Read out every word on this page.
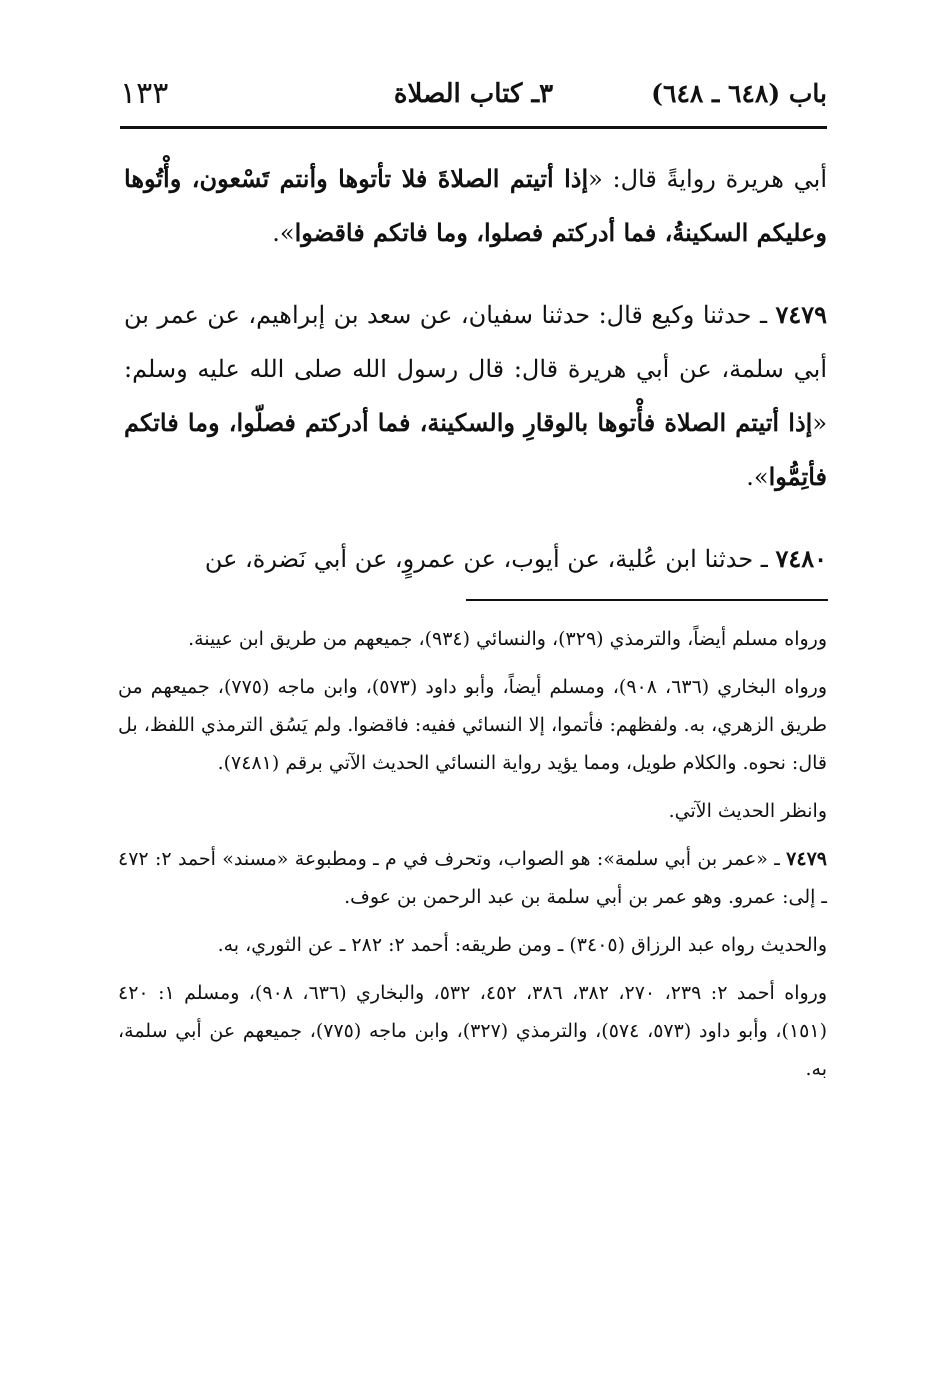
باب (٦٤٨ ـ ٦٤٨)
٣ـ كتاب الصلاة
١٣٣

أبي هريرة روايةً قال: «إذا أتيتم الصلاةَ فلا تأتوها وأنتم تَسْعون، وأْتُوها وعليكم السكينةُ، فما أدركتم فصلوا، وما فاتكم فاقضوا».

٧٤٧٩ ـ حدثنا وكيع قال: حدثنا سفيان، عن سعد بن إبراهيم، عن عمر بن أبي سلمة، عن أبي هريرة قال: قال رسول الله صلى الله عليه وسلم: «إذا أتيتم الصلاة فأْتوها بالوقارِ والسكينة، فما أدركتم فصلّوا، وما فاتكم فأتِمُّوا».

٧٤٨٠ ـ حدثنا ابن عُلية، عن أيوب، عن عمروٍ، عن أبي نَضرة، عن

ورواه مسلم أيضاً، والترمذي (٣٢٩)، والنسائي (٩٣٤)، جميعهم من طريق ابن عيينة.

ورواه البخاري (٦٣٦، ٩٠٨)، ومسلم أيضاً، وأبو داود (٥٧٣)، وابن ماجه (٧٧٥)، جميعهم من طريق الزهري، به. ولفظهم: فأتموا، إلا النسائي ففيه: فاقضوا. ولم يَسُق الترمذي اللفظ، بل قال: نحوه. والكلام طويل، ومما يؤيد رواية النسائي الحديث الآتي برقم (٧٤٨١).

وانظر الحديث الآتي.

٧٤٧٩ ـ «عمر بن أبي سلمة»: هو الصواب، وتحرف في م ـ ومطبوعة «مسند» أحمد ٢: ٤٧٢ ـ إلى: عمرو. وهو عمر بن أبي سلمة بن عبد الرحمن بن عوف.

والحديث رواه عبد الرزاق (٣٤٠٥) ـ ومن طريقه: أحمد ٢: ٢٨٢ ـ عن الثوري، به.

ورواه أحمد ٢: ٢٣٩، ٢٧٠، ٣٨٢، ٣٨٦، ٤٥٢، ٥٣٢، والبخاري (٦٣٦، ٩٠٨)، ومسلم ١: ٤٢٠ (١٥١)، وأبو داود (٥٧٣، ٥٧٤)، والترمذي (٣٢٧)، وابن ماجه (٧٧٥)، جميعهم عن أبي سلمة، به.
